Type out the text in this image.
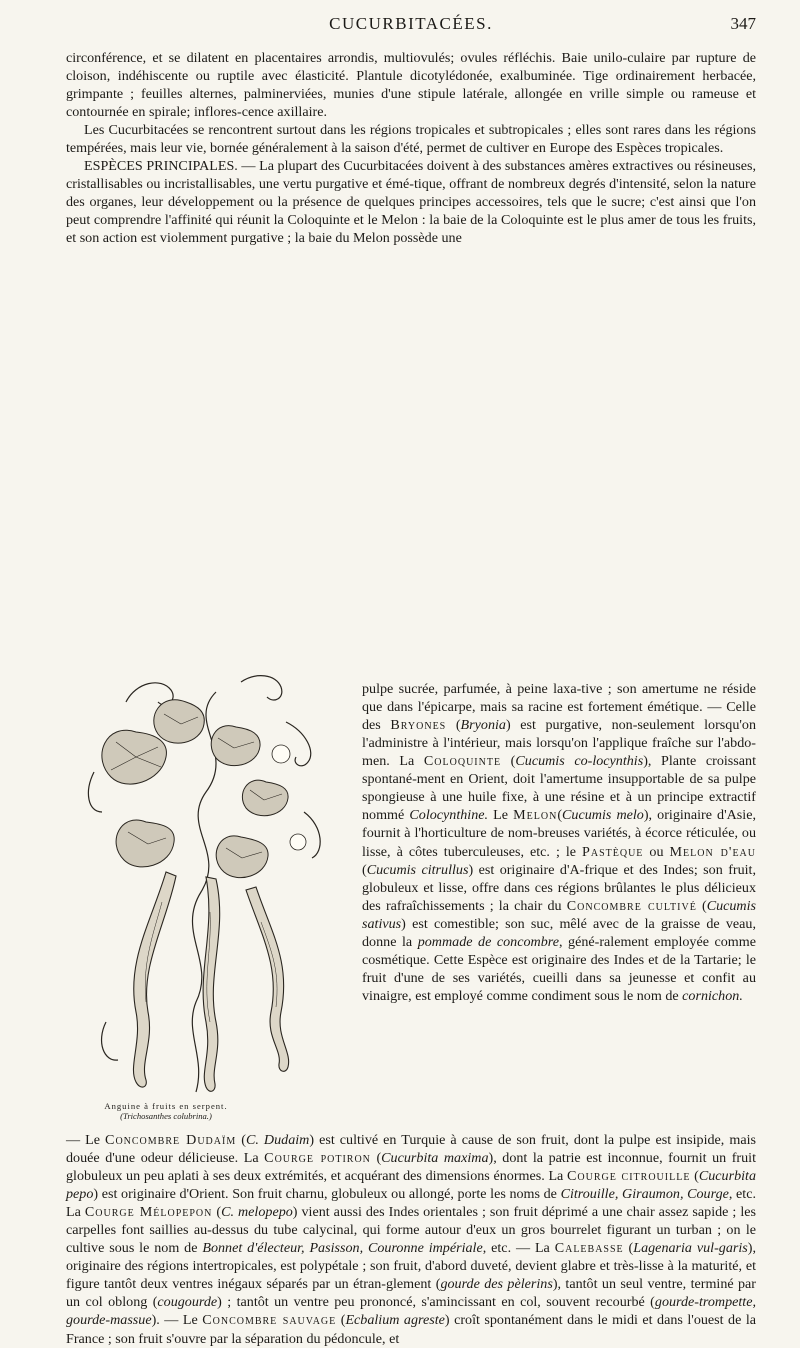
CUCURBITACÉES.	347

circonférence, et se dilatent en placentaires arrondis, multiovulés; ovules réfléchis. Baie unilo-culaire par rupture de cloison, indéhiscente ou ruptile avec élasticité. Plantule dicotylédonée, exalbuminée. Tige ordinairement herbacée, grimpante ; feuilles alternes, palminerviées, munies d'une stipule latérale, allongée en vrille simple ou rameuse et contournée en spirale; inflores-cence axillaire.

Les Cucurbitacées se rencontrent surtout dans les régions tropicales et subtropicales ; elles sont rares dans les régions tempérées, mais leur vie, bornée généralement à la saison d'été, permet de cultiver en Europe des Espèces tropicales.

ESPÈCES PRINCIPALES. — La plupart des Cucurbitacées doivent à des substances amères extractives ou résineuses, cristallisables ou incristallisables, une vertu purgative et émé-tique, offrant de nombreux degrés d'intensité, selon la nature des organes, leur développement ou la présence de quelques principes accessoires, tels que le sucre; c'est ainsi que l'on peut comprendre l'affinité qui réunit la Coloquinte et le Melon : la baie de la Coloquinte est le plus amer de tous les fruits, et son action est violemment purgative ; la baie du Melon possède une

Anguine à fruits en serpent.
(Trichosanthes colubrina.)

pulpe sucrée, parfumée, à peine laxa-tive ; son amertume ne réside que dans l'épicarpe, mais sa racine est fortement émétique. — Celle des Bryones (Bryonia) est purgative, non-seulement lorsqu'on l'administre à l'intérieur, mais lorsqu'on l'applique fraîche sur l'abdo-men. La Coloquinte (Cucumis co-locynthis), Plante croissant spontané-ment en Orient, doit l'amertume insupportable de sa pulpe spongieuse à une huile fixe, à une résine et à un principe extractif nommé Colocynthine. Le Melon(Cucumis melo), originaire d'Asie, fournit à l'horticulture de nom-breuses variétés, à écorce réticulée, ou lisse, à côtes tuberculeuses, etc. ; le Pastèque ou Melon d'eau (Cucumis citrullus) est originaire d'A-frique et des Indes; son fruit, globuleux et lisse, offre dans ces régions brûlantes le plus délicieux des rafraîchissements ; la chair du Concombre cultivé (Cucumis sativus) est comestible; son suc, mêlé avec de la graisse de veau, donne la pommade de concombre, géné-ralement employée comme cosmétique. Cette Espèce est originaire des Indes et de la Tartarie; le fruit d'une de ses variétés, cueilli dans sa jeunesse et confit au vinaigre, est employé comme condiment sous le nom de cornichon.

— Le Concombre Dudaïm (C. Dudaim) est cultivé en Turquie à cause de son fruit, dont la pulpe est insipide, mais douée d'une odeur délicieuse. La Courge potiron (Cucurbita maxima), dont la patrie est inconnue, fournit un fruit globuleux un peu aplati à ses deux extrémités, et acquérant des dimensions énormes. La Courge citrouille (Cucurbita pepo) est originaire d'Orient. Son fruit charnu, globuleux ou allongé, porte les noms de Citrouille, Giraumon, Courge, etc. La Courge Mélopepon (C. melopepo) vient aussi des Indes orientales ; son fruit déprimé a une chair assez sapide ; les carpelles font saillies au-dessus du tube calycinal, qui forme autour d'eux un gros bourrelet figurant un turban ; on le cultive sous le nom de Bonnet d'électeur, Pasisson, Couronne impériale, etc. — La Calebasse (Lagenaria vul-garis), originaire des régions intertropicales, est polypétale ; son fruit, d'abord duveté, devient glabre et très-lisse à la maturité, et figure tantôt deux ventres inégaux séparés par un étran-glement (gourde des pèlerins), tantôt un seul ventre, terminé par un col oblong (cougourde) ; tantôt un ventre peu prononcé, s'amincissant en col, souvent recourbé (gourde-trompette, gourde-massue). — Le Concombre sauvage (Ecbalium agreste) croît spontanément dans le midi et dans l'ouest de la France ; son fruit s'ouvre par la séparation du pédoncule, et
